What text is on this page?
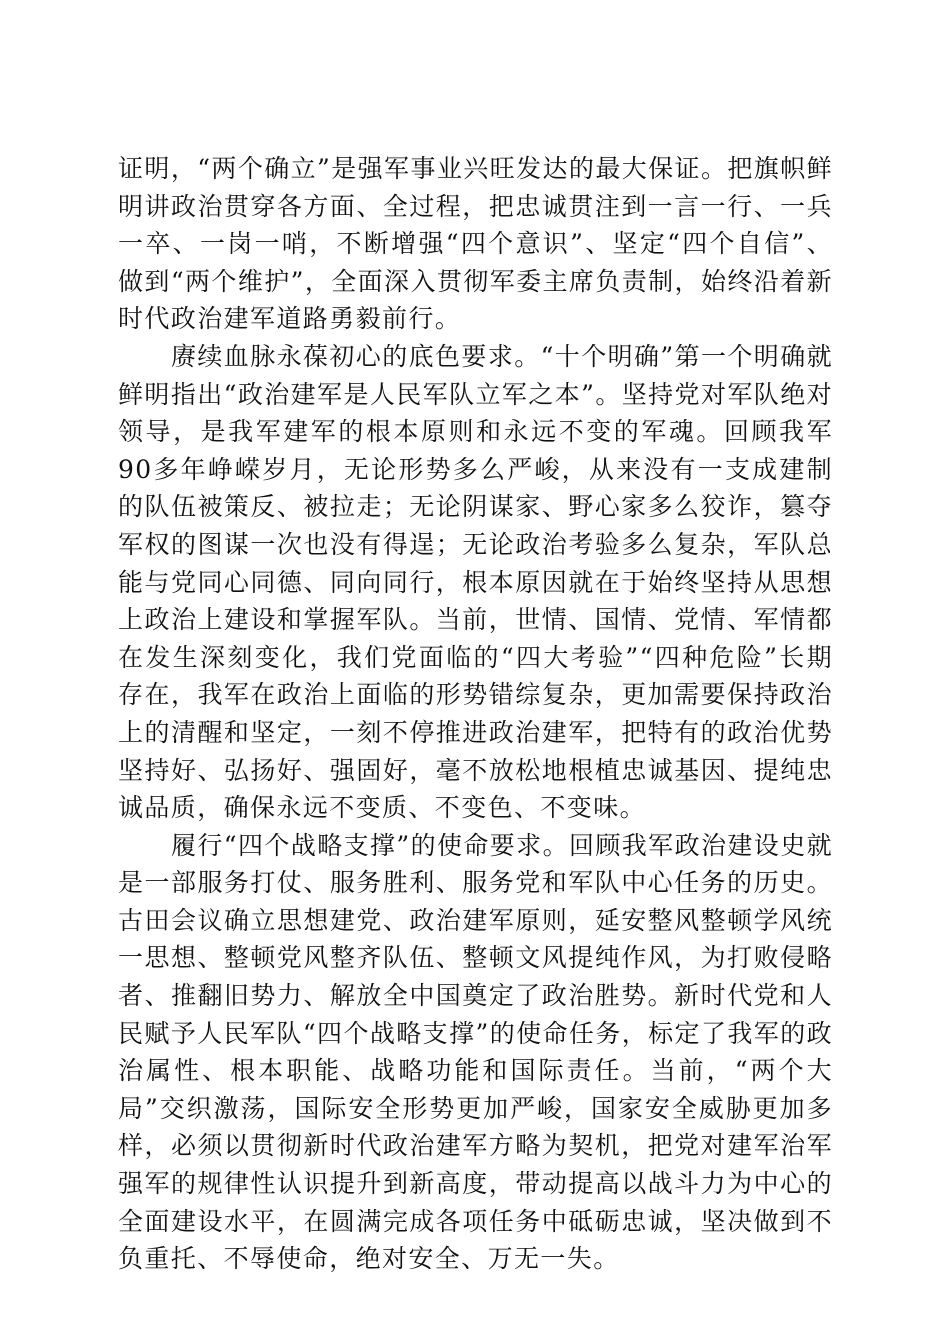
证明，“两个确立”是强军事业兴旺发达的最大保证。把旗帜鲜明讲政治贯穿各方面、全过程，把忠诚贯注到一言一行、一兵一卒、一岗一哨，不断增强“四个意识”、坚定“四个自信”、做到“两个维护”，全面深入贯彻军委主席负责制，始终沿着新时代政治建军道路勇毅前行。

赓续血脉永葆初心的底色要求。“十个明确”第一个明确就鲜明指出“政治建军是人民军队立军之本”。坚持党对军队绝对领导，是我军建军的根本原则和永远不变的军魂。回顾我军90多年峥嵘岁月，无论形势多么严峻，从来没有一支成建制的队伍被策反、被拉走；无论阴谋家、野心家多么狡诈，篡夺军权的图谋一次也没有得逞；无论政治考验多么复杂，军队总能与党同心同德、同向同行，根本原因就在于始终坚持从思想上政治上建设和掌握军队。当前，世情、国情、党情、军情都在发生深刻变化，我们党面临的“四大考验”“四种危险”长期存在，我军在政治上面临的形势错综复杂，更加需要保持政治上的清醒和坚定，一刻不停推进政治建军，把特有的政治优势坚持好、弘扬好、强固好，毫不放松地根植忠诚基因、提纯忠诚品质，确保永远不变质、不变色、不变味。

履行“四个战略支撑”的使命要求。回顾我军政治建设史就是一部服务打仗、服务胜利、服务党和军队中心任务的历史。古田会议确立思想建党、政治建军原则，延安整风整顿学风统一思想、整顿党风整齐队伍、整顿文风提纯作风，为打败侵略者、推翻旧势力、解放全中国奠定了政治胜势。新时代党和人民赋予人民军队“四个战略支撑”的使命任务，标定了我军的政治属性、根本职能、战略功能和国际责任。当前，“两个大局”交织激荡，国际安全形势更加严峻，国家安全威胁更加多样，必须以贯彻新时代政治建军方略为契机，把党对建军治军强军的规律性认识提升到新高度，带动提高以战斗力为中心的全面建设水平，在圆满完成各项任务中砥砺忠诚，坚决做到不负重托、不辱使命，绝对安全、万无一失。
